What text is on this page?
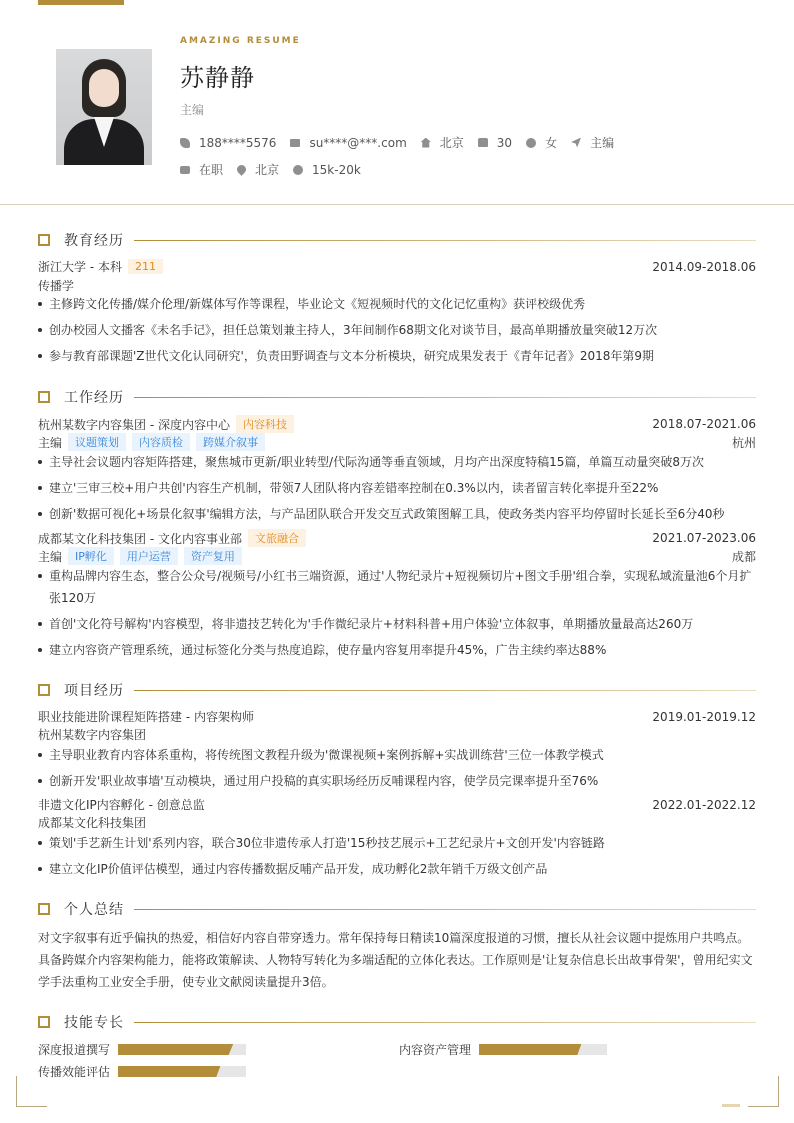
AMAZING RESUME
苏静静
主编
188****5576	su****@***.com	北京	30	女	主编
在职	北京	15k-20k
教育经历
浙江大学 - 本科	211	2014.09-2018.06
传播学
主修跨文化传播/媒介伦理/新媒体写作等课程，毕业论文《短视频时代的文化记忆重构》获评校级优秀
创办校园人文播客《未名手记》，担任总策划兼主持人，3年间制作68期文化对谈节目，最高单期播放量突破12万次
参与教育部课题'Z世代文化认同研究'，负责田野调查与文本分析模块，研究成果发表于《青年记者》2018年第9期
工作经历
杭州某数字内容集团 - 深度内容中心	内容科技	2018.07-2021.06
主编	议题策划	内容质检	跨媒介叙事	杭州
主导社会议题内容矩阵搭建，聚焦城市更新/职业转型/代际沟通等垂直领域，月均产出深度特稿15篇，单篇互动量突破8万次
建立'三审三校+用户共创'内容生产机制，带领7人团队将内容差错率控制在0.3%以内，读者留言转化率提升至22%
创新'数据可视化+场景化叙事'编辑方法，与产品团队联合开发交互式政策图解工具，使政务类内容平均停留时长延长至6分40秒
成都某文化科技集团 - 文化内容事业部	文旅融合	2021.07-2023.06
主编	IP孵化	用户运营	资产复用	成都
重构品牌内容生态，整合公众号/视频号/小红书三端资源，通过'人物纪录片+短视频切片+图文手册'组合拳，实现私域流量池6个月扩张120万
首创'文化符号解构'内容模型，将非遗技艺转化为'手作微纪录片+材料科普+用户体验'立体叙事，单期播放量最高达260万
建立内容资产管理系统，通过标签化分类与热度追踪，使存量内容复用率提升45%，广告主续约率达88%
项目经历
职业技能进阶课程矩阵搭建 - 内容架构师	2019.01-2019.12
杭州某数字内容集团
主导职业教育内容体系重构，将传统图文教程升级为'微课视频+案例拆解+实战训练营'三位一体教学模式
创新开发'职业故事墙'互动模块，通过用户投稿的真实职场经历反哺课程内容，使学员完课率提升至76%
非遗文化IP内容孵化 - 创意总监	2022.01-2022.12
成都某文化科技集团
策划'手艺新生计划'系列内容，联合30位非遗传承人打造'15秒技艺展示+工艺纪录片+文创开发'内容链路
建立文化IP价值评估模型，通过内容传播数据反哺产品开发，成功孵化2款年销千万级文创产品
个人总结
对文字叙事有近乎偏执的热爱，相信好内容自带穿透力。常年保持每日精读10篇深度报道的习惯，擅长从社会议题中提炼用户共鸣点。
具备跨媒介内容架构能力，能将政策解读、人物特写转化为多端适配的立体化表达。工作原则是'让复杂信息长出故事骨架'，曾用纪实文
学手法重构工业安全手册，使专业文献阅读量提升3倍。
技能专长
深度报道撰写	内容资产管理
传播效能评估
